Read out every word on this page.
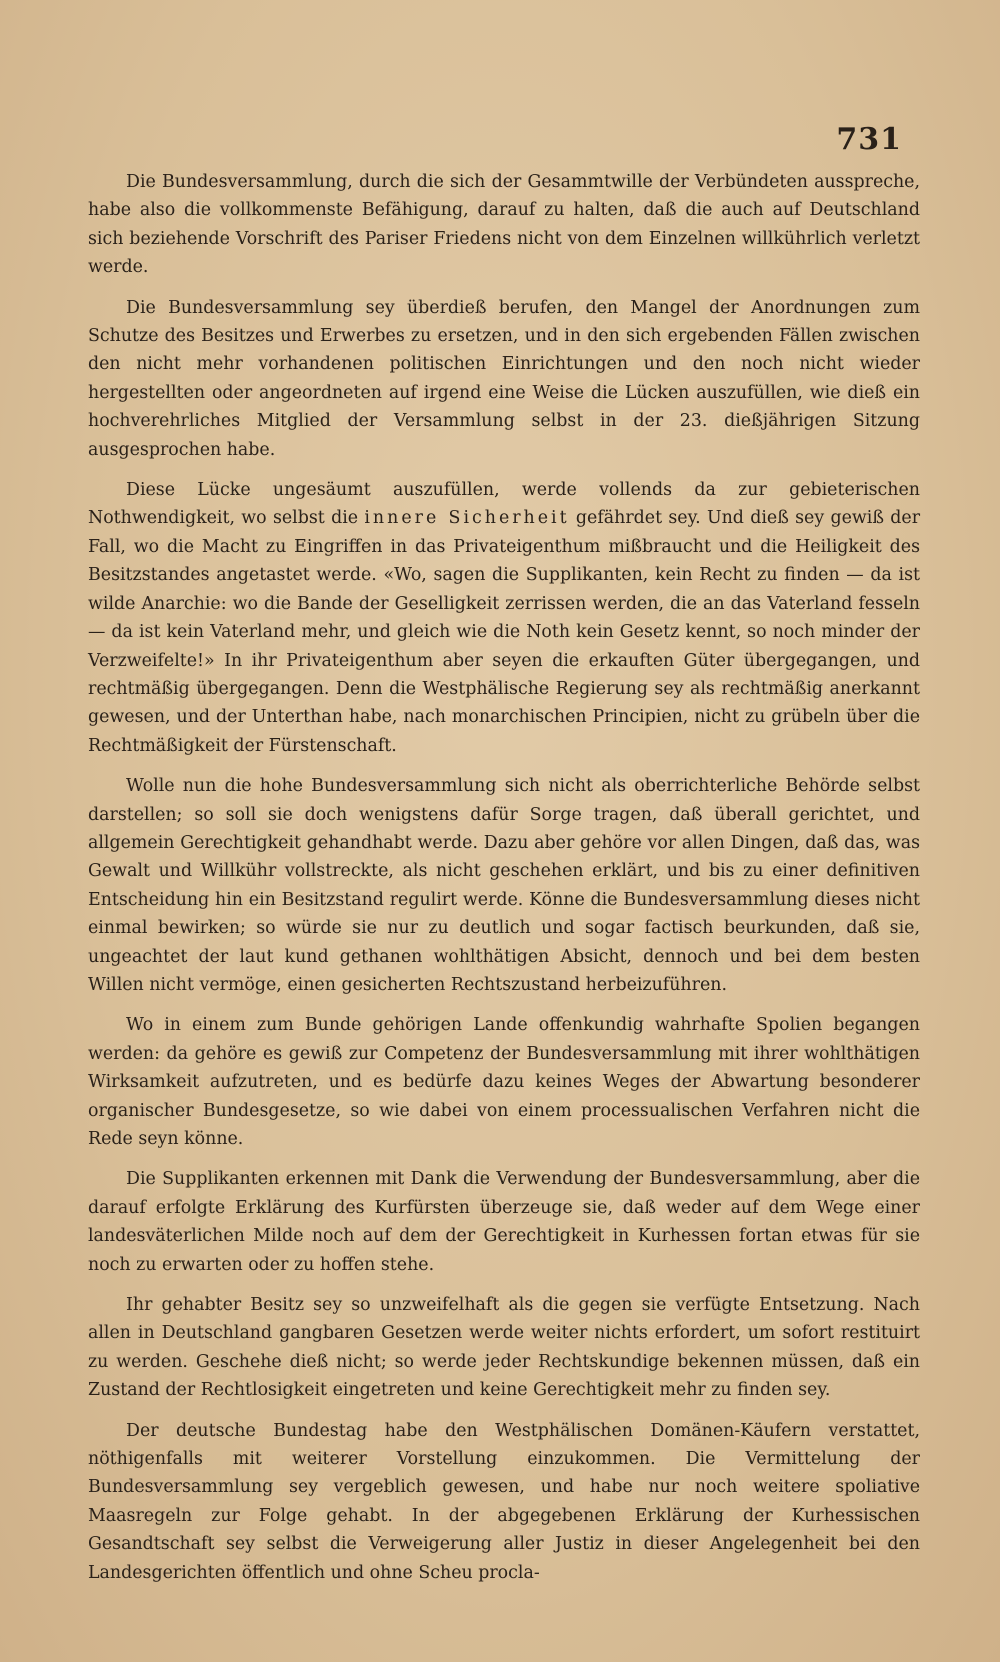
731

Die Bundesversammlung, durch die sich der Gesammtwille der Verbündeten ausspreche, habe also die vollkommenste Befähigung, darauf zu halten, daß die auch auf Deutschland sich beziehende Vorschrift des Pariser Friedens nicht von dem Einzelnen willkührlich verletzt werde.

Die Bundesversammlung sey überdieß berufen, den Mangel der Anordnungen zum Schutze des Besitzes und Erwerbes zu ersetzen, und in den sich ergebenden Fällen zwischen den nicht mehr vorhandenen politischen Einrichtungen und den noch nicht wieder hergestellten oder angeordneten auf irgend eine Weise die Lücken auszufüllen, wie dieß ein hochverehrliches Mitglied der Versammlung selbst in der 23. dießjährigen Sitzung ausgesprochen habe.

Diese Lücke ungesäumt auszufüllen, werde vollends da zur gebieterischen Nothwendigkeit, wo selbst die innere Sicherheit gefährdet sey. Und dieß sey gewiß der Fall, wo die Macht zu Eingriffen in das Privateigenthum mißbraucht und die Heiligkeit des Besitzstandes angetastet werde. «Wo, sagen die Supplikanten, kein Recht zu finden — da ist wilde Anarchie: wo die Bande der Geselligkeit zerrissen werden, die an das Vaterland fesseln — da ist kein Vaterland mehr, und gleich wie die Noth kein Gesetz kennt, so noch minder der Verzweifelte!» In ihr Privateigenthum aber seyen die erkauften Güter übergegangen, und rechtmäßig übergegangen. Denn die Westphälische Regierung sey als rechtmäßig anerkannt gewesen, und der Unterthan habe, nach monarchischen Principien, nicht zu grübeln über die Rechtmäßigkeit der Fürstenschaft.

Wolle nun die hohe Bundesversammlung sich nicht als oberrichterliche Behörde selbst darstellen; so soll sie doch wenigstens dafür Sorge tragen, daß überall gerichtet, und allgemein Gerechtigkeit gehandhabt werde. Dazu aber gehöre vor allen Dingen, daß das, was Gewalt und Willkühr vollstreckte, als nicht geschehen erklärt, und bis zu einer definitiven Entscheidung hin ein Besitzstand regulirt werde. Könne die Bundesversammlung dieses nicht einmal bewirken; so würde sie nur zu deutlich und sogar factisch beurkunden, daß sie, ungeachtet der laut kund gethanen wohlthätigen Absicht, dennoch und bei dem besten Willen nicht vermöge, einen gesicherten Rechtszustand herbeizuführen.

Wo in einem zum Bunde gehörigen Lande offenkundig wahrhafte Spolien begangen werden: da gehöre es gewiß zur Competenz der Bundesversammlung mit ihrer wohlthätigen Wirksamkeit aufzutreten, und es bedürfe dazu keines Weges der Abwartung besonderer organischer Bundesgesetze, so wie dabei von einem processualischen Verfahren nicht die Rede seyn könne.

Die Supplikanten erkennen mit Dank die Verwendung der Bundesversammlung, aber die darauf erfolgte Erklärung des Kurfürsten überzeuge sie, daß weder auf dem Wege einer landesväterlichen Milde noch auf dem der Gerechtigkeit in Kurhessen fortan etwas für sie noch zu erwarten oder zu hoffen stehe.

Ihr gehabter Besitz sey so unzweifelhaft als die gegen sie verfügte Entsetzung. Nach allen in Deutschland gangbaren Gesetzen werde weiter nichts erfordert, um sofort restituirt zu werden. Geschehe dieß nicht; so werde jeder Rechtskundige bekennen müssen, daß ein Zustand der Rechtlosigkeit eingetreten und keine Gerechtigkeit mehr zu finden sey.

Der deutsche Bundestag habe den Westphälischen Domänen-Käufern verstattet, nöthigenfalls mit weiterer Vorstellung einzukommen. Die Vermittelung der Bundesversammlung sey vergeblich gewesen, und habe nur noch weitere spoliative Maasregeln zur Folge gehabt. In der abgegebenen Erklärung der Kurhessischen Gesandtschaft sey selbst die Verweigerung aller Justiz in dieser Angelegenheit bei den Landesgerichten öffentlich und ohne Scheu procla-
